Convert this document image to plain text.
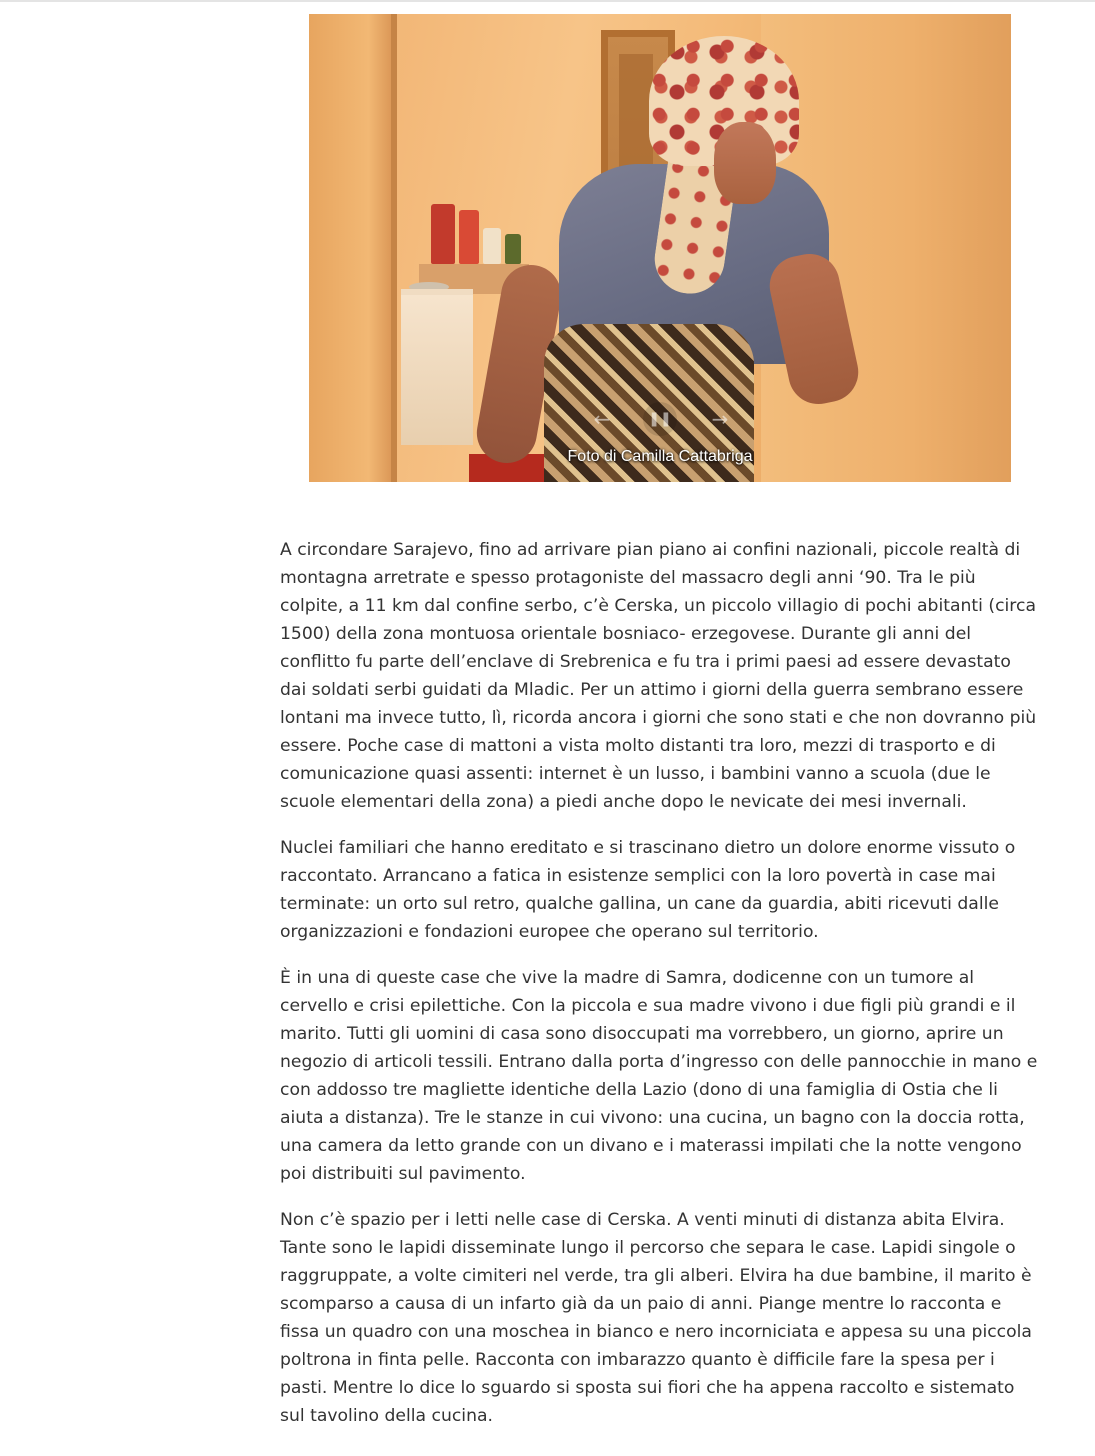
←	❚❚	→
Foto di Camilla Cattabriga

A circondare Sarajevo, fino ad arrivare pian piano ai confini nazionali, piccole realtà di montagna arretrate e spesso protagoniste del massacro degli anni ‘90. Tra le più colpite, a 11 km dal confine serbo, c’è Cerska, un piccolo villagio di pochi abitanti (circa 1500) della zona montuosa orientale bosniaco- erzegovese. Durante gli anni del conflitto fu parte dell’enclave di Srebrenica e fu tra i primi paesi ad essere devastato dai soldati serbi guidati da Mladic. Per un attimo i giorni della guerra sembrano essere lontani ma invece tutto, lì, ricorda ancora i giorni che sono stati e che non dovranno più essere. Poche case di mattoni a vista molto distanti tra loro, mezzi di trasporto e di comunicazione quasi assenti: internet è un lusso, i bambini vanno a scuola (due le scuole elementari della zona) a piedi anche dopo le nevicate dei mesi invernali.

Nuclei familiari che hanno ereditato e si trascinano dietro un dolore enorme vissuto o raccontato. Arrancano a fatica in esistenze semplici con la loro povertà in case mai terminate: un orto sul retro, qualche gallina, un cane da guardia, abiti ricevuti dalle organizzazioni e fondazioni europee che operano sul territorio.

È in una di queste case che vive la madre di Samra, dodicenne con un tumore al cervello e crisi epilettiche. Con la piccola e sua madre vivono i due figli più grandi e il marito. Tutti gli uomini di casa sono disoccupati ma vorrebbero, un giorno, aprire un negozio di articoli tessili. Entrano dalla porta d’ingresso con delle pannocchie in mano e con addosso tre magliette identiche della Lazio (dono di una famiglia di Ostia che li aiuta a distanza). Tre le stanze in cui vivono: una cucina, un bagno con la doccia rotta, una camera da letto grande con un divano e i materassi impilati che la notte vengono poi distribuiti sul pavimento.

Non c’è spazio per i letti nelle case di Cerska. A venti minuti di distanza abita Elvira. Tante sono le lapidi disseminate lungo il percorso che separa le case. Lapidi singole o raggruppate, a volte cimiteri nel verde, tra gli alberi. Elvira ha due bambine, il marito è scomparso a causa di un infarto già da un paio di anni. Piange mentre lo racconta e fissa un quadro con una moschea in bianco e nero incorniciata e appesa su una piccola poltrona in finta pelle. Racconta con imbarazzo quanto è difficile fare la spesa per i pasti. Mentre lo dice lo sguardo si sposta sui fiori che ha appena raccolto e sistemato sul tavolino della cucina.
